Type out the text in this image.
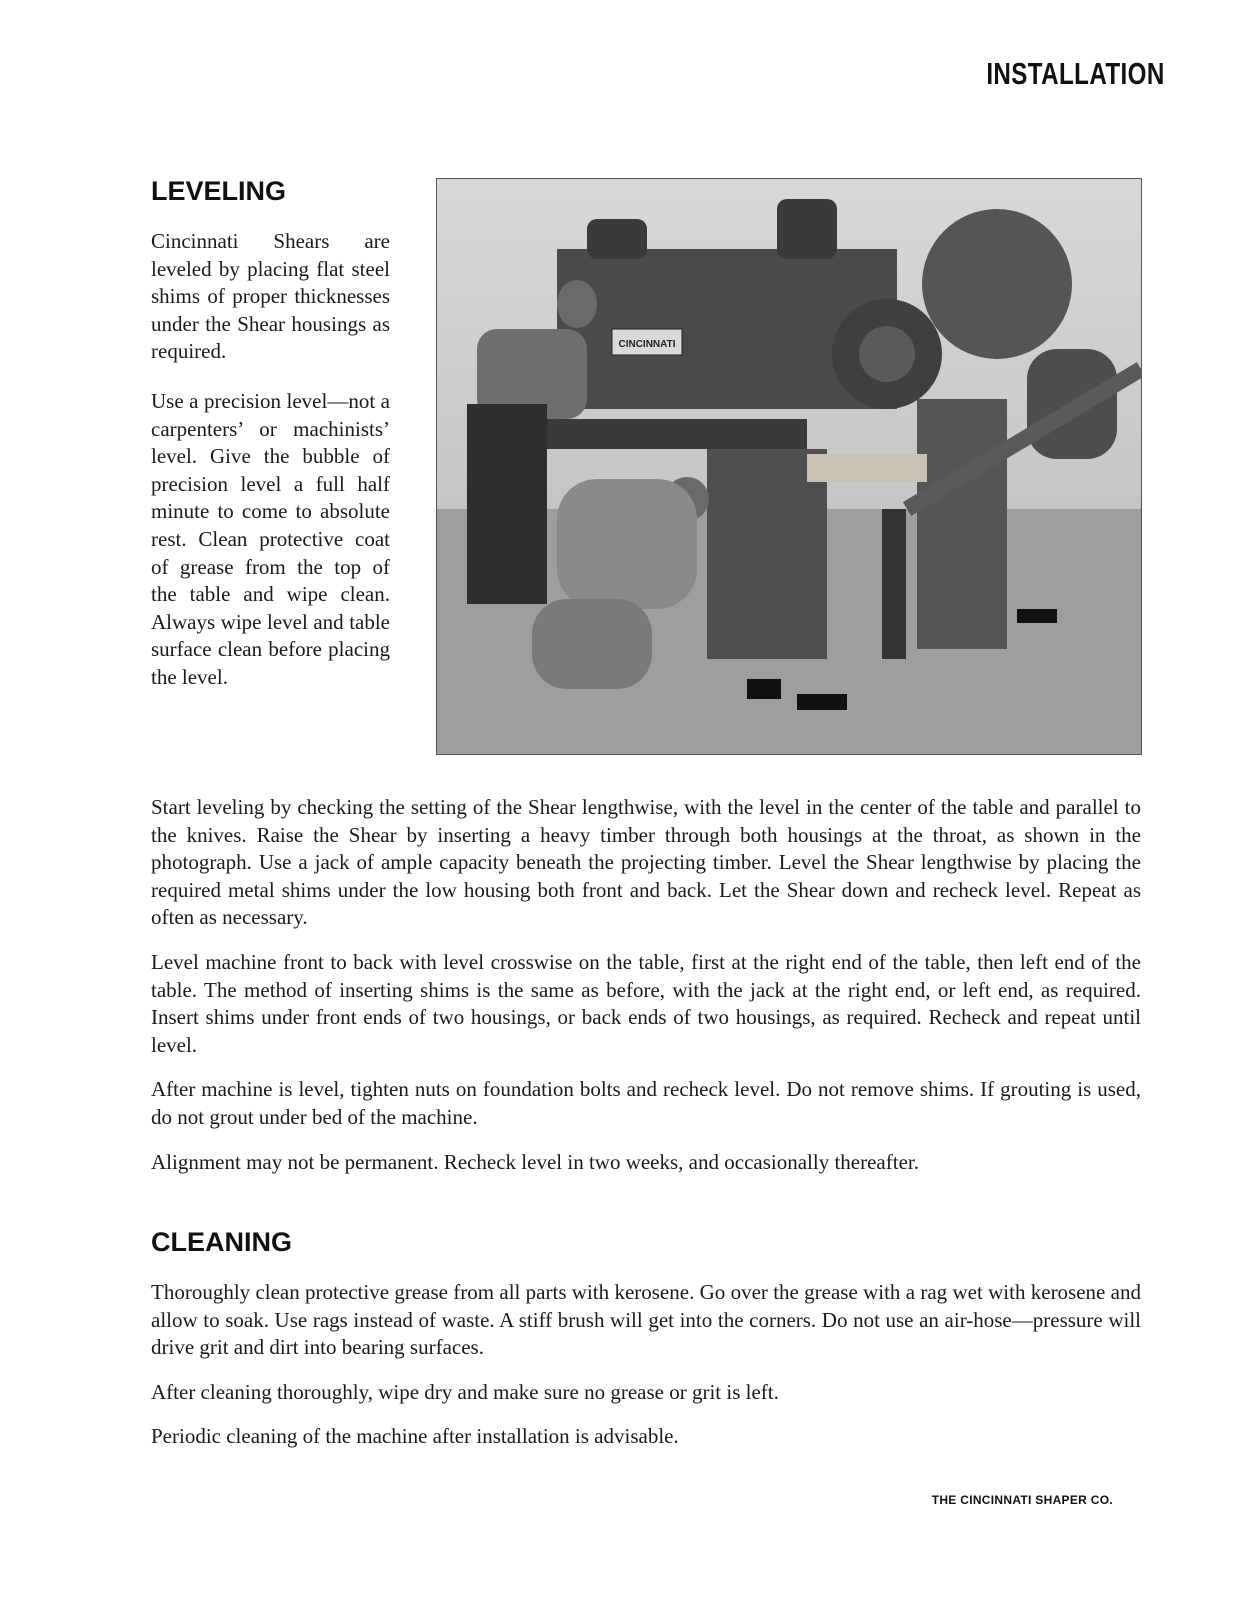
INSTALLATION
LEVELING

Cincinnati Shears are leveled by placing flat steel shims of proper thicknesses under the Shear housings as required.

Use a precision level—not a carpenters’ or machinists’ level. Give the bubble of precision level a full half minute to come to absolute rest. Clean protective coat of grease from the top of the table and wipe clean. Always wipe level and table surface clean before placing the level.

CINCINNATI

Start leveling by checking the setting of the Shear lengthwise, with the level in the center of the table and parallel to the knives. Raise the Shear by inserting a heavy timber through both housings at the throat, as shown in the photograph. Use a jack of ample capacity beneath the projecting timber. Level the Shear lengthwise by placing the required metal shims under the low housing both front and back. Let the Shear down and recheck level. Repeat as often as necessary.

Level machine front to back with level crosswise on the table, first at the right end of the table, then left end of the table. The method of inserting shims is the same as before, with the jack at the right end, or left end, as required. Insert shims under front ends of two housings, or back ends of two housings, as required. Recheck and repeat until level.

After machine is level, tighten nuts on foundation bolts and recheck level. Do not remove shims. If grouting is used, do not grout under bed of the machine.

Alignment may not be permanent. Recheck level in two weeks, and occasionally thereafter.

CLEANING

Thoroughly clean protective grease from all parts with kerosene. Go over the grease with a rag wet with kerosene and allow to soak. Use rags instead of waste. A stiff brush will get into the corners. Do not use an air-hose—pressure will drive grit and dirt into bearing surfaces.

After cleaning thoroughly, wipe dry and make sure no grease or grit is left.

Periodic cleaning of the machine after installation is advisable.

THE CINCINNATI SHAPER CO.
